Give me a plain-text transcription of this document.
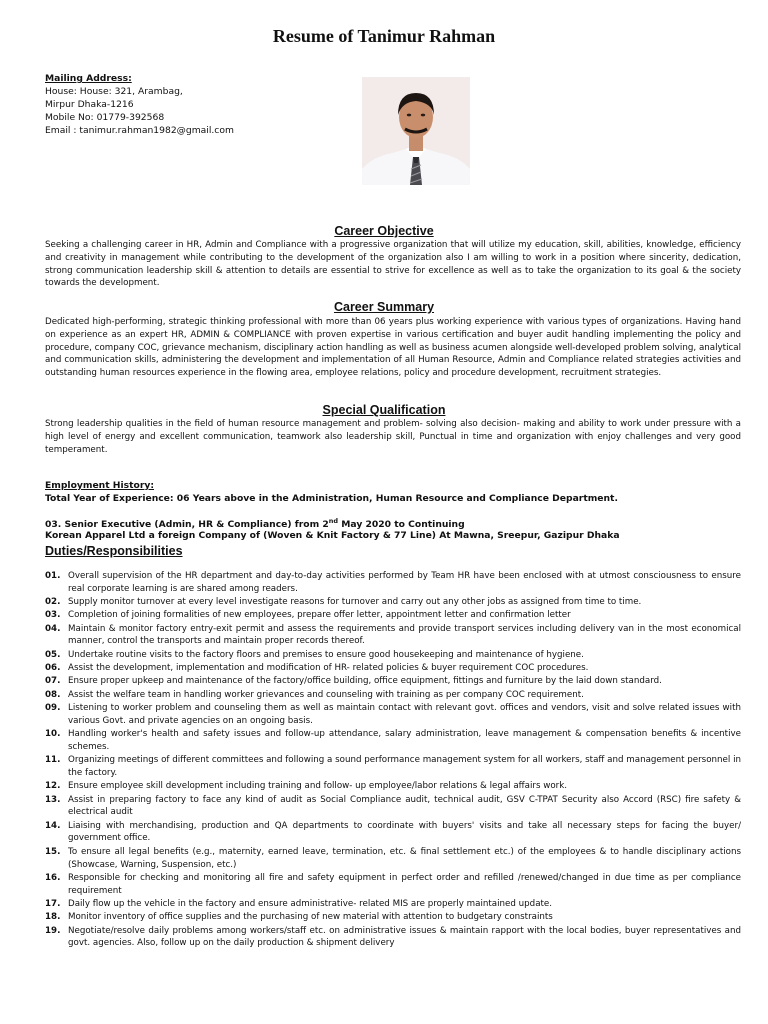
Resume of Tanimur Rahman
Mailing Address:
House: House: 321, Arambag,
Mirpur Dhaka-1216
Mobile No: 01779-392568
Email : tanimur.rahman1982@gmail.com
Career Objective
Seeking a challenging career in HR, Admin and Compliance with a progressive organization that will utilize my education, skill, abilities, knowledge, efficiency and creativity in management while contributing to the development of the organization also I am willing to work in a position where sincerity, dedication, strong communication leadership skill & attention to details are essential to strive for excellence as well as to take the organization to its goal & the society towards the development.
Career Summary
Dedicated high-performing, strategic thinking professional with more than 06 years plus working experience with various types of organizations. Having hand on experience as an expert HR, ADMIN & COMPLIANCE with proven expertise in various certification and buyer audit handling implementing the policy and procedure, company COC, grievance mechanism, disciplinary action handling as well as business acumen alongside well-developed problem solving, analytical and communication skills, administering the development and implementation of all Human Resource, Admin and Compliance related strategies activities and outstanding human resources experience in the flowing area, employee relations, policy and procedure development, recruitment strategies.
Special Qualification
Strong leadership qualities in the field of human resource management and problem- solving also decision- making and ability to work under pressure with a high level of energy and excellent communication, teamwork also leadership skill, Punctual in time and organization with enjoy challenges and very good temperament.
Employment History:
Total Year of Experience: 06 Years above in the Administration, Human Resource and Compliance Department.
03. Senior Executive (Admin, HR & Compliance) from 2nd May 2020 to Continuing
Korean Apparel Ltd a foreign Company of (Woven & Knit Factory & 77 Line) At Mawna, Sreepur, Gazipur Dhaka
Duties/Responsibilities
01. Overall supervision of the HR department and day-to-day activities performed by Team HR have been enclosed with at utmost consciousness to ensure real corporate learning is are shared among readers.
02. Supply monitor turnover at every level investigate reasons for turnover and carry out any other jobs as assigned from time to time.
03. Completion of joining formalities of new employees, prepare offer letter, appointment letter and confirmation letter
04. Maintain & monitor factory entry-exit permit and assess the requirements and provide transport services including delivery van in the most economical manner, control the transports and maintain proper records thereof.
05. Undertake routine visits to the factory floors and premises to ensure good housekeeping and maintenance of hygiene.
06. Assist the development, implementation and modification of HR- related policies & buyer requirement COC procedures.
07. Ensure proper upkeep and maintenance of the factory/office building, office equipment, fittings and furniture by the laid down standard.
08. Assist the welfare team in handling worker grievances and counseling with training as per company COC requirement.
09. Listening to worker problem and counseling them as well as maintain contact with relevant govt. offices and vendors, visit and solve related issues with various Govt. and private agencies on an ongoing basis.
10. Handling worker's health and safety issues and follow-up attendance, salary administration, leave management & compensation benefits & incentive schemes.
11. Organizing meetings of different committees and following a sound performance management system for all workers, staff and management personnel in the factory.
12. Ensure employee skill development including training and follow- up employee/labor relations & legal affairs work.
13. Assist in preparing factory to face any kind of audit as Social Compliance audit, technical audit, GSV C-TPAT Security also Accord (RSC) fire safety & electrical audit
14. Liaising with merchandising, production and QA departments to coordinate with buyers' visits and take all necessary steps for facing the buyer/ government office.
15. To ensure all legal benefits (e.g., maternity, earned leave, termination, etc. & final settlement etc.) of the employees & to handle disciplinary actions (Showcase, Warning, Suspension, etc.)
16. Responsible for checking and monitoring all fire and safety equipment in perfect order and refilled /renewed/changed in due time as per compliance requirement
17. Daily flow up the vehicle in the factory and ensure administrative- related MIS are properly maintained update.
18. Monitor inventory of office supplies and the purchasing of new material with attention to budgetary constraints
19. Negotiate/resolve daily problems among workers/staff etc. on administrative issues & maintain rapport with the local bodies, buyer representatives and govt. agencies. Also, follow up on the daily production & shipment delivery
